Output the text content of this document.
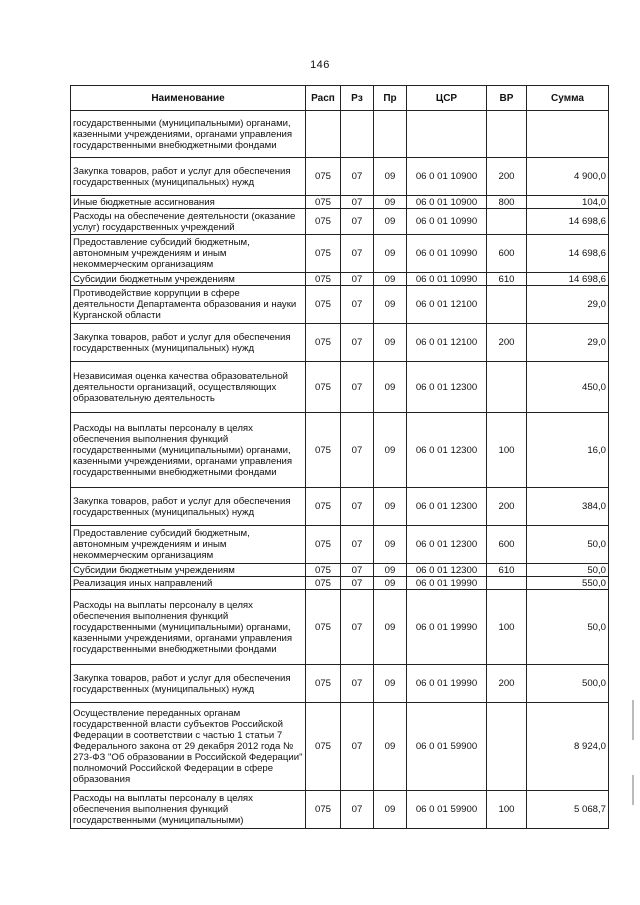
146
Наименование	Расп	Рз	Пр	ЦСР	ВР	Сумма
государственными (муниципальными) органами, казенными учреждениями, органами управления государственными внебюджетными фондами						
Закупка товаров, работ и услуг для обеспечения государственных (муниципальных) нужд	075	07	09	06 0 01 10900	200	4 900,0
Иные бюджетные ассигнования	075	07	09	06 0 01 10900	800	104,0
Расходы на обеспечение деятельности (оказание услуг) государственных учреждений	075	07	09	06 0 01 10990		14 698,6
Предоставление субсидий бюджетным, автономным учреждениям и иным некоммерческим организациям	075	07	09	06 0 01 10990	600	14 698,6
Субсидии бюджетным учреждениям	075	07	09	06 0 01 10990	610	14 698,6
Противодействие коррупции в сфере деятельности Департамента образования и науки Курганской области	075	07	09	06 0 01 12100		29,0
Закупка товаров, работ и услуг для обеспечения государственных (муниципальных) нужд	075	07	09	06 0 01 12100	200	29,0
Независимая оценка качества образовательной деятельности организаций, осуществляющих образовательную деятельность	075	07	09	06 0 01 12300		450,0
Расходы на выплаты персоналу в целях обеспечения выполнения функций государственными (муниципальными) органами, казенными учреждениями, органами управления государственными внебюджетными фондами	075	07	09	06 0 01 12300	100	16,0
Закупка товаров, работ и услуг для обеспечения государственных (муниципальных) нужд	075	07	09	06 0 01 12300	200	384,0
Предоставление субсидий бюджетным, автономным учреждениям и иным некоммерческим организациям	075	07	09	06 0 01 12300	600	50,0
Субсидии бюджетным учреждениям	075	07	09	06 0 01 12300	610	50,0
Реализация иных направлений	075	07	09	06 0 01 19990		550,0
Расходы на выплаты персоналу в целях обеспечения выполнения функций государственными (муниципальными) органами, казенными учреждениями, органами управления государственными внебюджетными фондами	075	07	09	06 0 01 19990	100	50,0
Закупка товаров, работ и услуг для обеспечения государственных (муниципальных) нужд	075	07	09	06 0 01 19990	200	500,0
Осуществление переданных органам государственной власти субъектов Российской Федерации в соответствии с частью 1 статьи 7 Федерального закона от 29 декабря 2012 года № 273-ФЗ "Об образовании в Российской Федерации" полномочий Российской Федерации в сфере образования	075	07	09	06 0 01 59900		8 924,0
Расходы на выплаты персоналу в целях обеспечения выполнения функций государственными (муниципальными)	075	07	09	06 0 01 59900	100	5 068,7
